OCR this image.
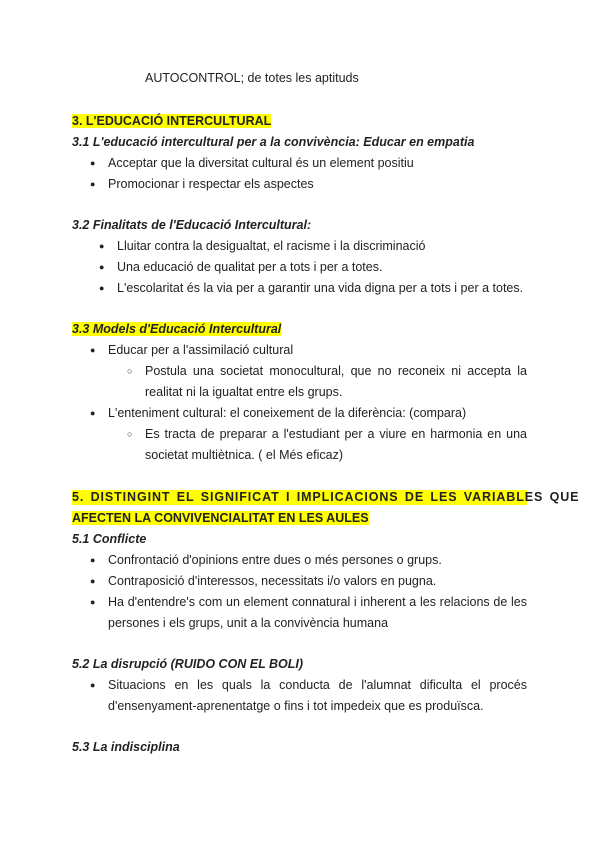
AUTOCONTROL; de totes les aptituds
3. L'EDUCACIÓ INTERCULTURAL
3.1 L'educació intercultural per a la convivència: Educar en empatia
● Acceptar que la diversitat cultural és un element positiu
● Promocionar i respectar els aspectes
3.2 Finalitats de l'Educació Intercultural:
● Lluitar contra la desigualtat, el racisme i la discriminació
● Una educació de qualitat per a tots i per a totes.
● L'escolaritat és la via per a garantir una vida digna per a tots i per a totes.
3.3 Models d'Educació Intercultural
● Educar per a l'assimilació cultural
○ Postula una societat monocultural, que no reconeix ni accepta la
realitat ni la igualtat entre els grups.
● L'enteniment cultural: el coneixement de la diferència: (compara)
○ Es tracta de preparar a l'estudiant per a viure en harmonia en una
societat multiètnica. ( el Més eficaz)
5. DISTINGINT EL SIGNIFICAT I IMPLICACIONS DE LES VARIABLES QUE
AFECTEN LA CONVIVENCIALITAT EN LES AULES
5.1 Conflicte
● Confrontació d'opinions entre dues o més persones o grups.
● Contraposició d'interessos, necessitats i/o valors en pugna.
● Ha d'entendre's com un element connatural i inherent a les relacions de les
persones i els grups, unit a la convivència humana
5.2 La disrupció (RUIDO CON EL BOLI)
● Situacions en les quals la conducta de l'alumnat dificulta el procés
d'ensenyament-aprenentatge o fins i tot impedeix que es produïsca.
5.3 La indisciplina
